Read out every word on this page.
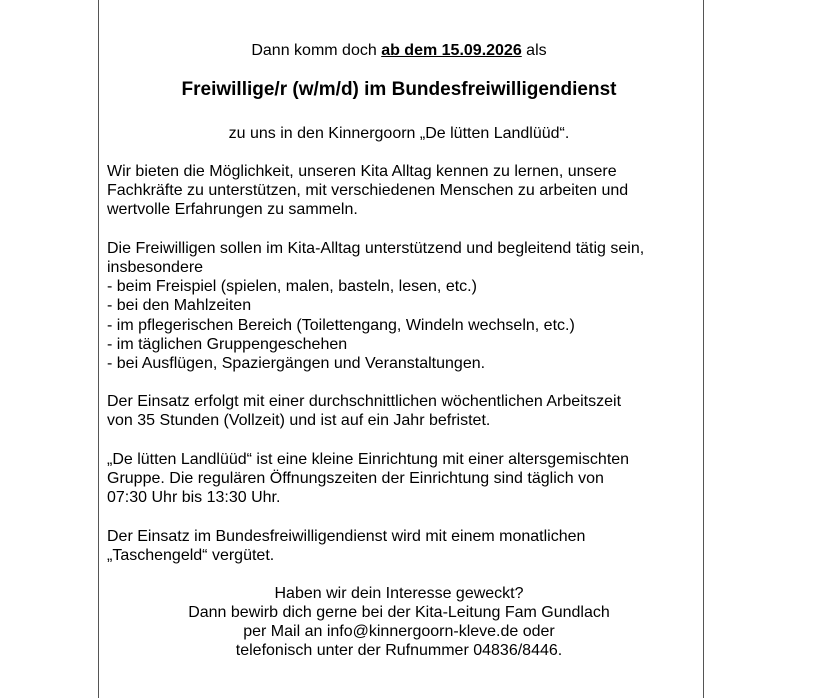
Dann komm doch ab dem 15.09.2026 als
Freiwillige/r (w/m/d) im Bundesfreiwilligendienst
zu uns in den Kinnergoorn „De lütten Landlüüd“.
Wir bieten die Möglichkeit, unseren Kita Alltag kennen zu lernen, unsere
Fachkräfte zu unterstützen, mit verschiedenen Menschen zu arbeiten und
wertvolle Erfahrungen zu sammeln.
Die Freiwilligen sollen im Kita-Alltag unterstützend und begleitend tätig sein,
insbesondere
- beim Freispiel (spielen, malen, basteln, lesen, etc.)
- bei den Mahlzeiten
- im pflegerischen Bereich (Toilettengang, Windeln wechseln, etc.)
- im täglichen Gruppengeschehen
- bei Ausflügen, Spaziergängen und Veranstaltungen.
Der Einsatz erfolgt mit einer durchschnittlichen wöchentlichen Arbeitszeit
von 35 Stunden (Vollzeit) und ist auf ein Jahr befristet.
„De lütten Landlüüd“ ist eine kleine Einrichtung mit einer altersgemischten
Gruppe. Die regulären Öffnungszeiten der Einrichtung sind täglich von
07:30 Uhr bis 13:30 Uhr.
Der Einsatz im Bundesfreiwilligendienst wird mit einem monatlichen
„Taschengeld“ vergütet.
Haben wir dein Interesse geweckt?
Dann bewirb dich gerne bei der Kita-Leitung Fam Gundlach
per Mail an info@kinnergoorn-kleve.de oder
telefonisch unter der Rufnummer 04836/8446.
